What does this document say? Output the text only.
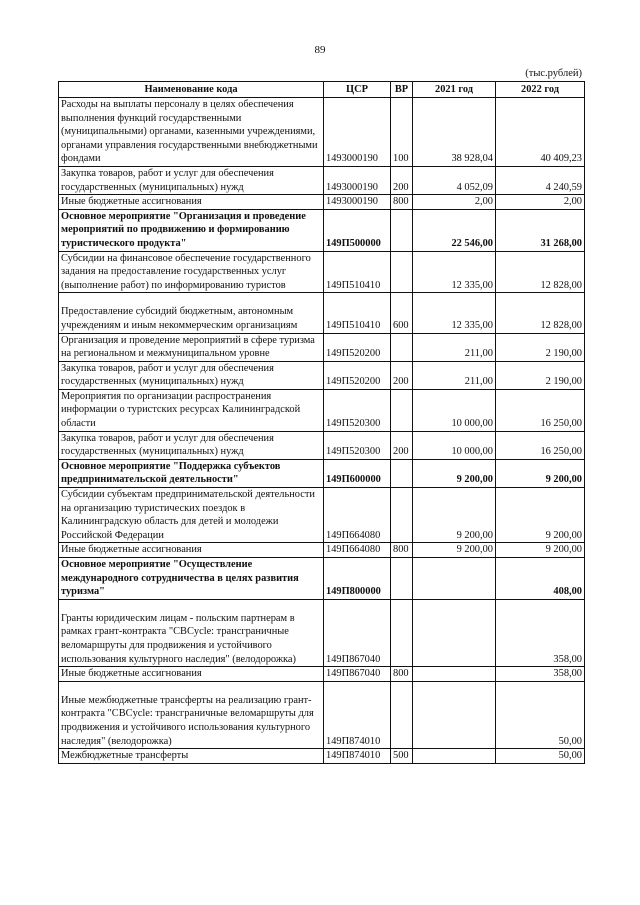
89
(тыс.рублей)
Наименование кода	ЦСР	ВР	2021 год	2022 год
Расходы на выплаты персоналу в целях обеспечения выполнения функций государственными (муниципальными) органами, казенными учреждениями, органами управления государственными внебюджетными фондами	1493000190	100	38 928,04	40 409,23
Закупка товаров, работ и услуг для обеспечения государственных (муниципальных) нужд	1493000190	200	4 052,09	4 240,59
Иные бюджетные ассигнования	1493000190	800	2,00	2,00
Основное мероприятие "Организация и проведение мероприятий по продвижению и формированию туристического продукта"	149П500000		22 546,00	31 268,00
Субсидии на финансовое обеспечение государственного задания на предоставление государственных услуг (выполнение работ) по информированию туристов	149П510410		12 335,00	12 828,00
Предоставление субсидий бюджетным, автономным учреждениям и иным некоммерческим организациям	149П510410	600	12 335,00	12 828,00
Организация и проведение мероприятий в сфере туризма на региональном и межмуниципальном уровне	149П520200		211,00	2 190,00
Закупка товаров, работ и услуг для обеспечения государственных (муниципальных) нужд	149П520200	200	211,00	2 190,00
Мероприятия по организации распространения информации о туристских ресурсах Калининградской области	149П520300		10 000,00	16 250,00
Закупка товаров, работ и услуг для обеспечения государственных (муниципальных) нужд	149П520300	200	10 000,00	16 250,00
Основное мероприятие "Поддержка субъектов предпринимательской деятельности"	149П600000		9 200,00	9 200,00
Субсидии субъектам предпринимательской деятельности на организацию туристических поездок в Калининградскую область для детей и молодежи Российской Федерации	149П664080		9 200,00	9 200,00
Иные бюджетные ассигнования	149П664080	800	9 200,00	9 200,00
Основное мероприятие "Осуществление международного сотрудничества в целях развития туризма"	149П800000			408,00
Гранты юридическим лицам - польским партнерам в рамках грант-контракта "CBCycle: трансграничные веломаршруты для продвижения и устойчивого использования культурного наследия" (велодорожка)	149П867040			358,00
Иные бюджетные ассигнования	149П867040	800		358,00
Иные межбюджетные трансферты на реализацию грант-контракта "CBCycle: трансграничные веломаршруты для продвижения и устойчивого использования культурного наследия" (велодорожка)	149П874010			50,00
Межбюджетные трансферты	149П874010	500		50,00
